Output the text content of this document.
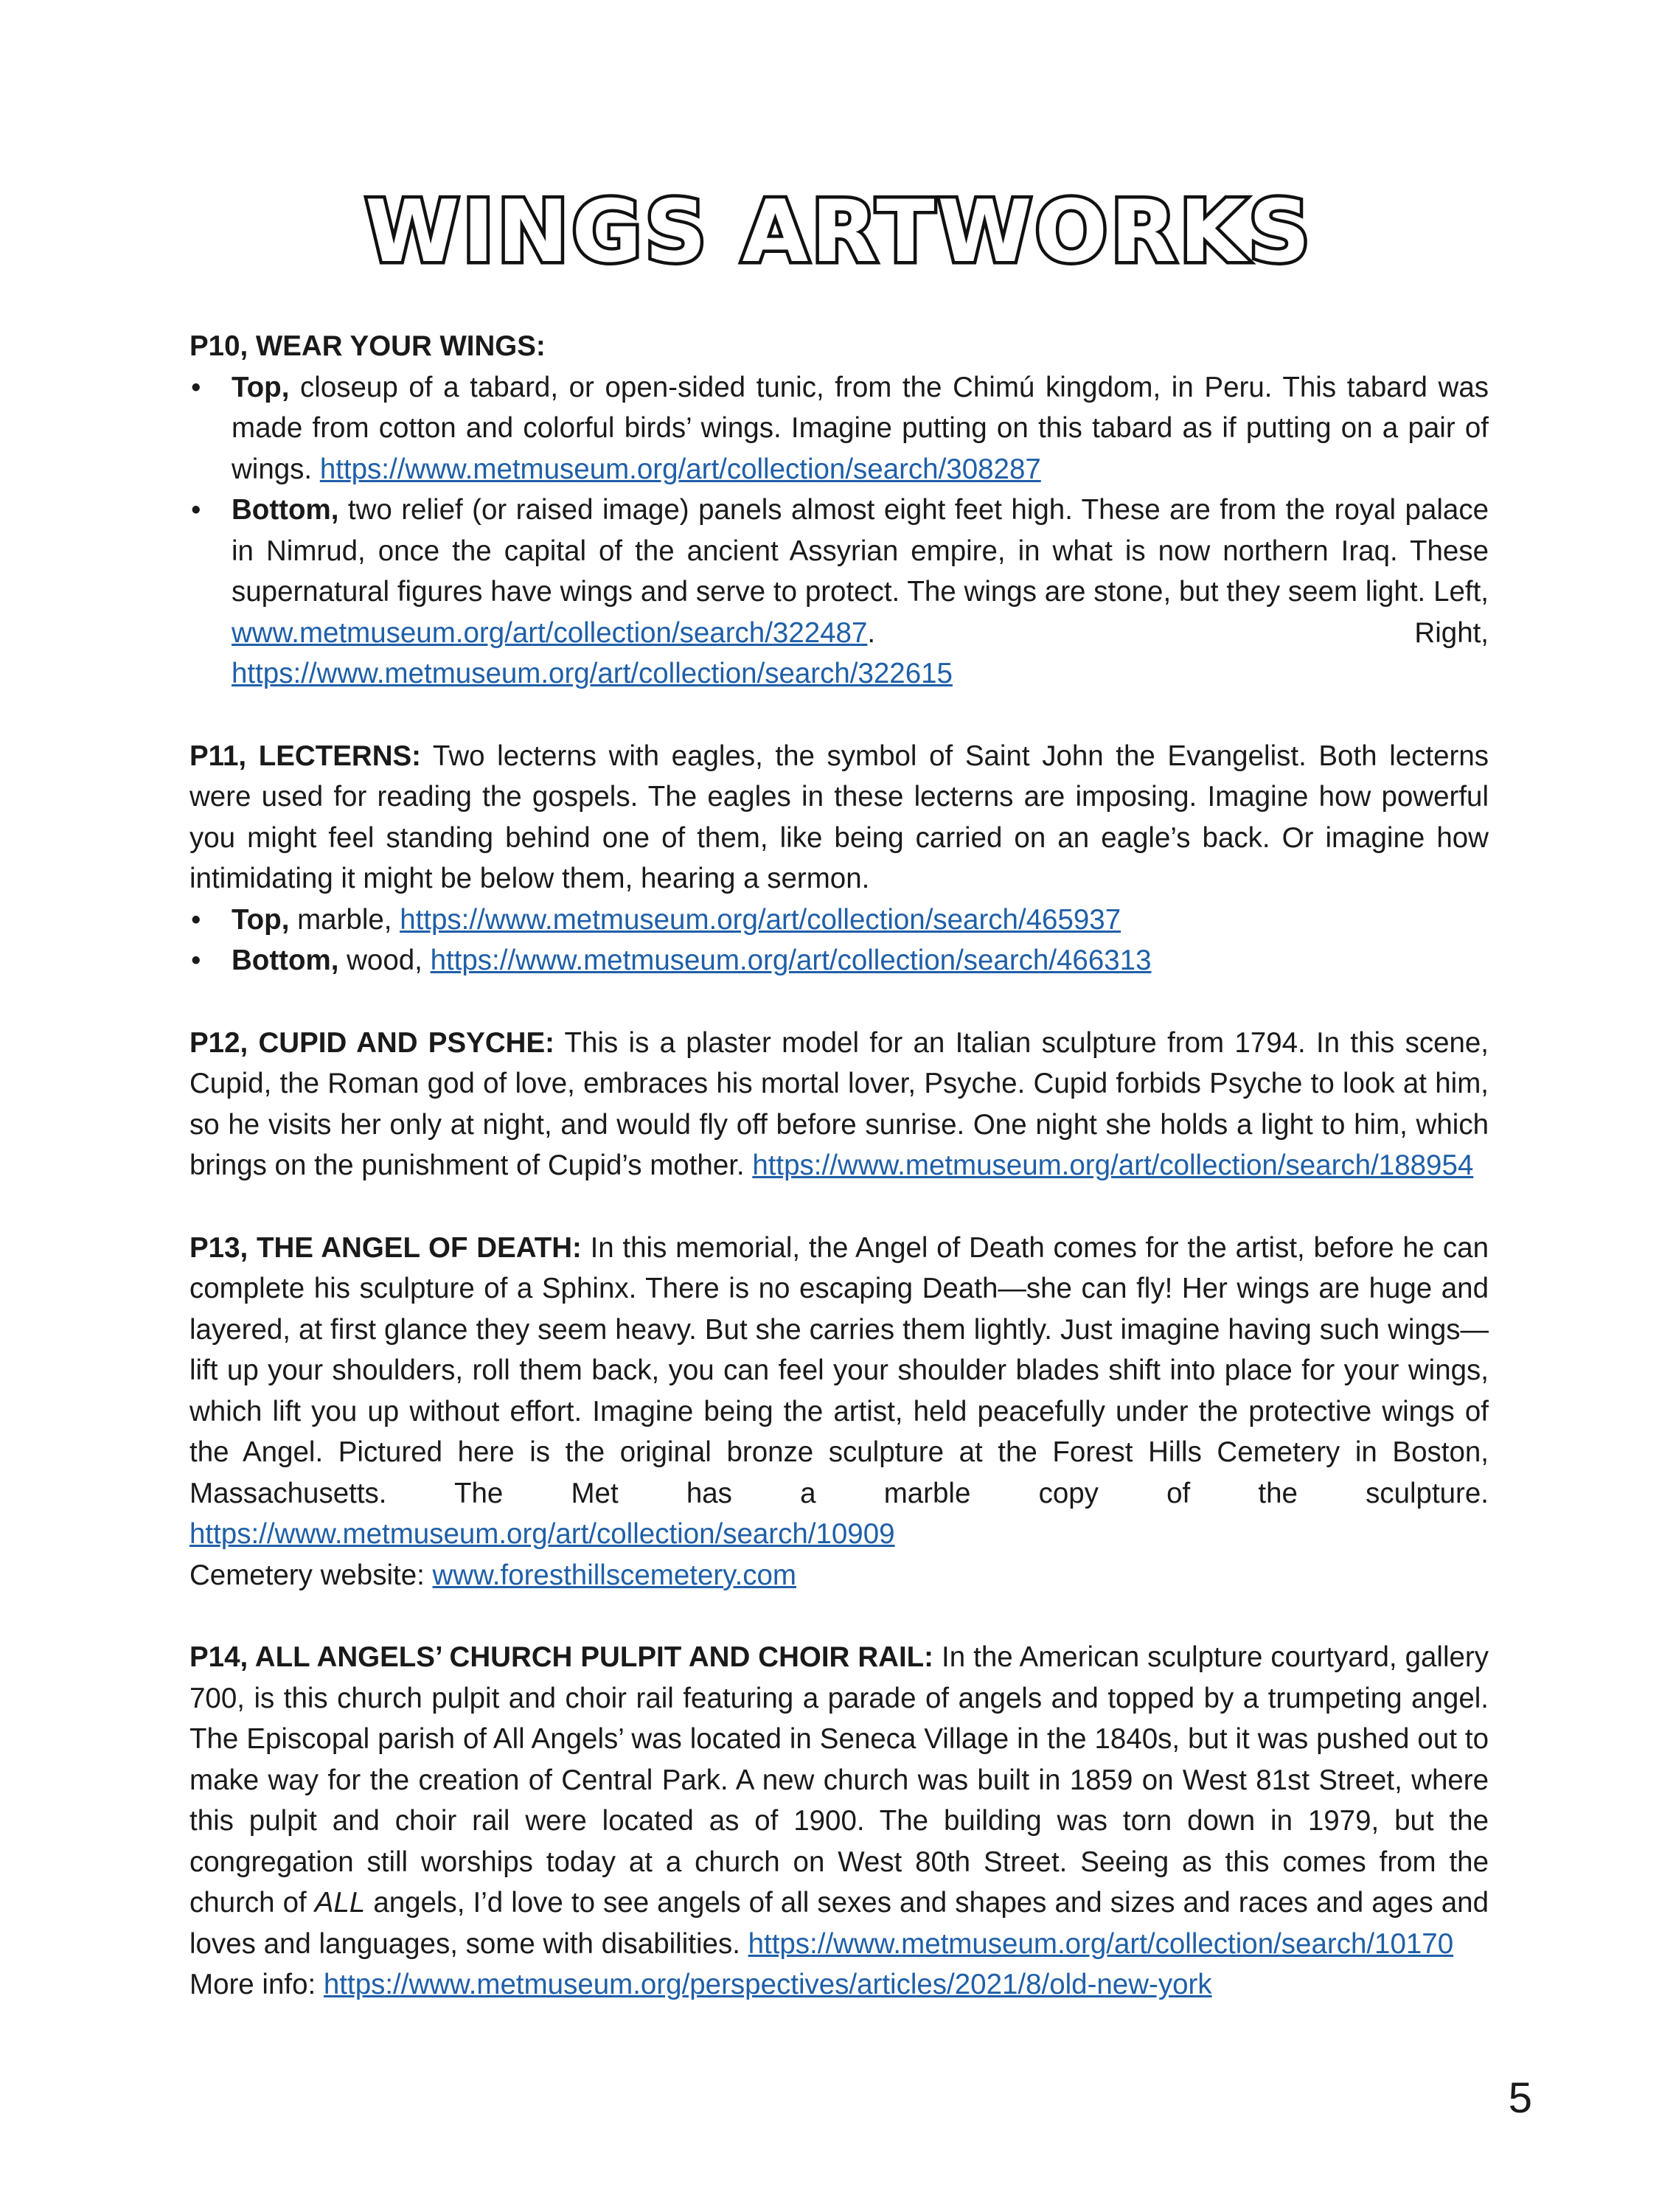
WINGS ARTWORKS
P10, WEAR YOUR WINGS:
• Top, closeup of a tabard, or open-sided tunic, from the Chimú kingdom, in Peru. This tabard was made from cotton and colorful birds’ wings. Imagine putting on this tabard as if putting on a pair of wings. https://www.metmuseum.org/art/collection/search/308287
• Bottom, two relief (or raised image) panels almost eight feet high. These are from the royal palace in Nimrud, once the capital of the ancient Assyrian empire, in what is now northern Iraq. These supernatural figures have wings and serve to protect. The wings are stone, but they seem light. Left, www.metmuseum.org/art/collection/search/322487. Right, https://www.metmuseum.org/art/collection/search/322615
P11, LECTERNS: Two lecterns with eagles, the symbol of Saint John the Evangelist. Both lecterns were used for reading the gospels. The eagles in these lecterns are imposing. Imagine how powerful you might feel standing behind one of them, like being carried on an eagle’s back. Or imagine how intimidating it might be below them, hearing a sermon.
• Top, marble, https://www.metmuseum.org/art/collection/search/465937
• Bottom, wood, https://www.metmuseum.org/art/collection/search/466313
P12, CUPID AND PSYCHE: This is a plaster model for an Italian sculpture from 1794. In this scene, Cupid, the Roman god of love, embraces his mortal lover, Psyche. Cupid forbids Psyche to look at him, so he visits her only at night, and would fly off before sunrise. One night she holds a light to him, which brings on the punishment of Cupid’s mother. https://www.metmuseum.org/art/collection/search/188954
P13, THE ANGEL OF DEATH: In this memorial, the Angel of Death comes for the artist, before he can complete his sculpture of a Sphinx. There is no escaping Death—she can fly! Her wings are huge and layered, at first glance they seem heavy. But she carries them lightly. Just imagine having such wings—lift up your shoulders, roll them back, you can feel your shoulder blades shift into place for your wings, which lift you up without effort. Imagine being the artist, held peacefully under the protective wings of the Angel. Pictured here is the original bronze sculpture at the Forest Hills Cemetery in Boston, Massachusetts. The Met has a marble copy of the sculpture. https://www.metmuseum.org/art/collection/search/10909
Cemetery website: www.foresthillscemetery.com
P14, ALL ANGELS’ CHURCH PULPIT AND CHOIR RAIL: In the American sculpture courtyard, gallery 700, is this church pulpit and choir rail featuring a parade of angels and topped by a trumpeting angel. The Episcopal parish of All Angels’ was located in Seneca Village in the 1840s, but it was pushed out to make way for the creation of Central Park. A new church was built in 1859 on West 81st Street, where this pulpit and choir rail were located as of 1900. The building was torn down in 1979, but the congregation still worships today at a church on West 80th Street. Seeing as this comes from the church of ALL angels, I’d love to see angels of all sexes and shapes and sizes and races and ages and loves and languages, some with disabilities. https://www.metmuseum.org/art/collection/search/10170
More info: https://www.metmuseum.org/perspectives/articles/2021/8/old-new-york
5
